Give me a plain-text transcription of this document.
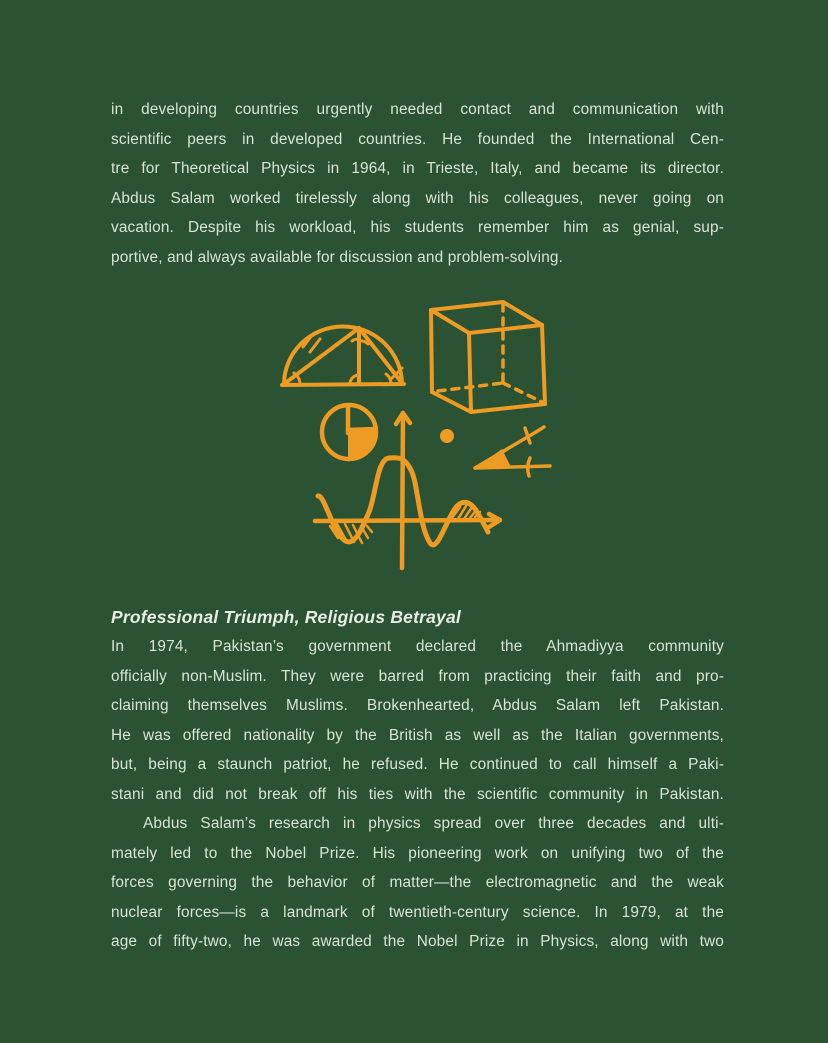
in developing countries urgently needed contact and communication with
scientific peers in developed countries. He founded the International Cen-
tre for Theoretical Physics in 1964, in Trieste, Italy, and became its director.
Abdus Salam worked tirelessly along with his colleagues, never going on
vacation. Despite his workload, his students remember him as genial, sup-
portive, and always available for discussion and problem-solving.
Professional Triumph, Religious Betrayal
In 1974, Pakistan’s government declared the Ahmadiyya community
officially non-Muslim. They were barred from practicing their faith and pro-
claiming themselves Muslims. Brokenhearted, Abdus Salam left Pakistan.
He was offered nationality by the British as well as the Italian governments,
but, being a staunch patriot, he refused. He continued to call himself a Paki-
stani and did not break off his ties with the scientific community in Pakistan.
Abdus Salam’s research in physics spread over three decades and ulti-
mately led to the Nobel Prize. His pioneering work on unifying two of the
forces governing the behavior of matter—the electromagnetic and the weak
nuclear forces—is a landmark of twentieth-century science. In 1979, at the
age of fifty-two, he was awarded the Nobel Prize in Physics, along with two
